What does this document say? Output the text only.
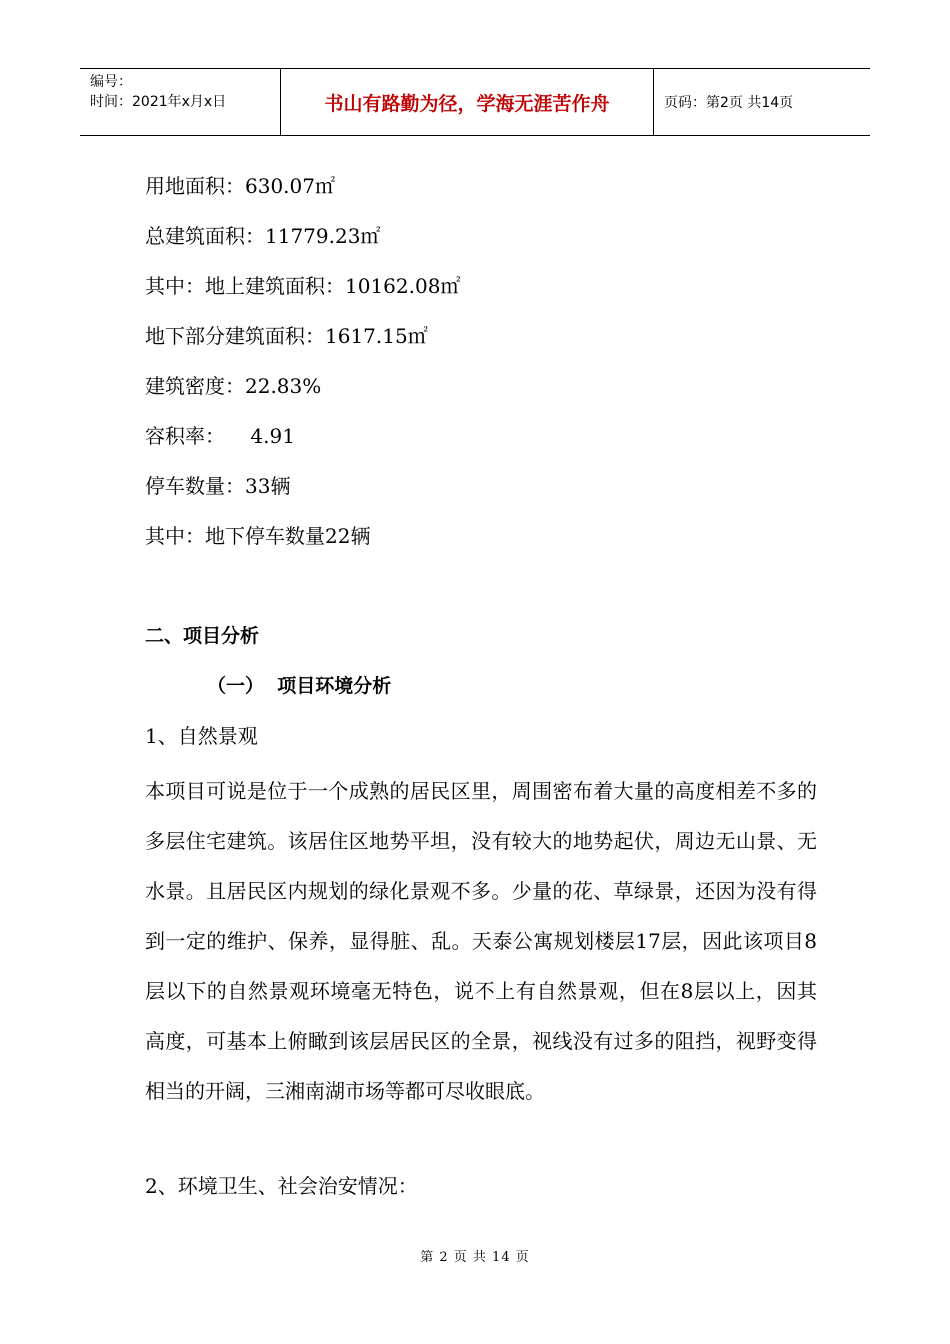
编号：
时间：2021年x月x日	书山有路勤为径，学海无涯苦作舟	页码：第2页 共14页
用地面积：630.07㎡
总建筑面积：11779.23㎡
其中：地上建筑面积：10162.08㎡
地下部分建筑面积：1617.15㎡
建筑密度：22.83%
容积率：    4.91
停车数量：33辆
其中：地下停车数量22辆
二、项目分析
（一）  项目环境分析
1、自然景观
本项目可说是位于一个成熟的居民区里，周围密布着大量的高度相差不多的多层住宅建筑。该居住区地势平坦，没有较大的地势起伏，周边无山景、无水景。且居民区内规划的绿化景观不多。少量的花、草绿景，还因为没有得到一定的维护、保养，显得脏、乱。天泰公寓规划楼层17层，因此该项目8层以下的自然景观环境毫无特色，说不上有自然景观，但在8层以上，因其高度，可基本上俯瞰到该层居民区的全景，视线没有过多的阻挡，视野变得相当的开阔，三湘南湖市场等都可尽收眼底。
2、环境卫生、社会治安情况：
第 2 页 共 14 页
